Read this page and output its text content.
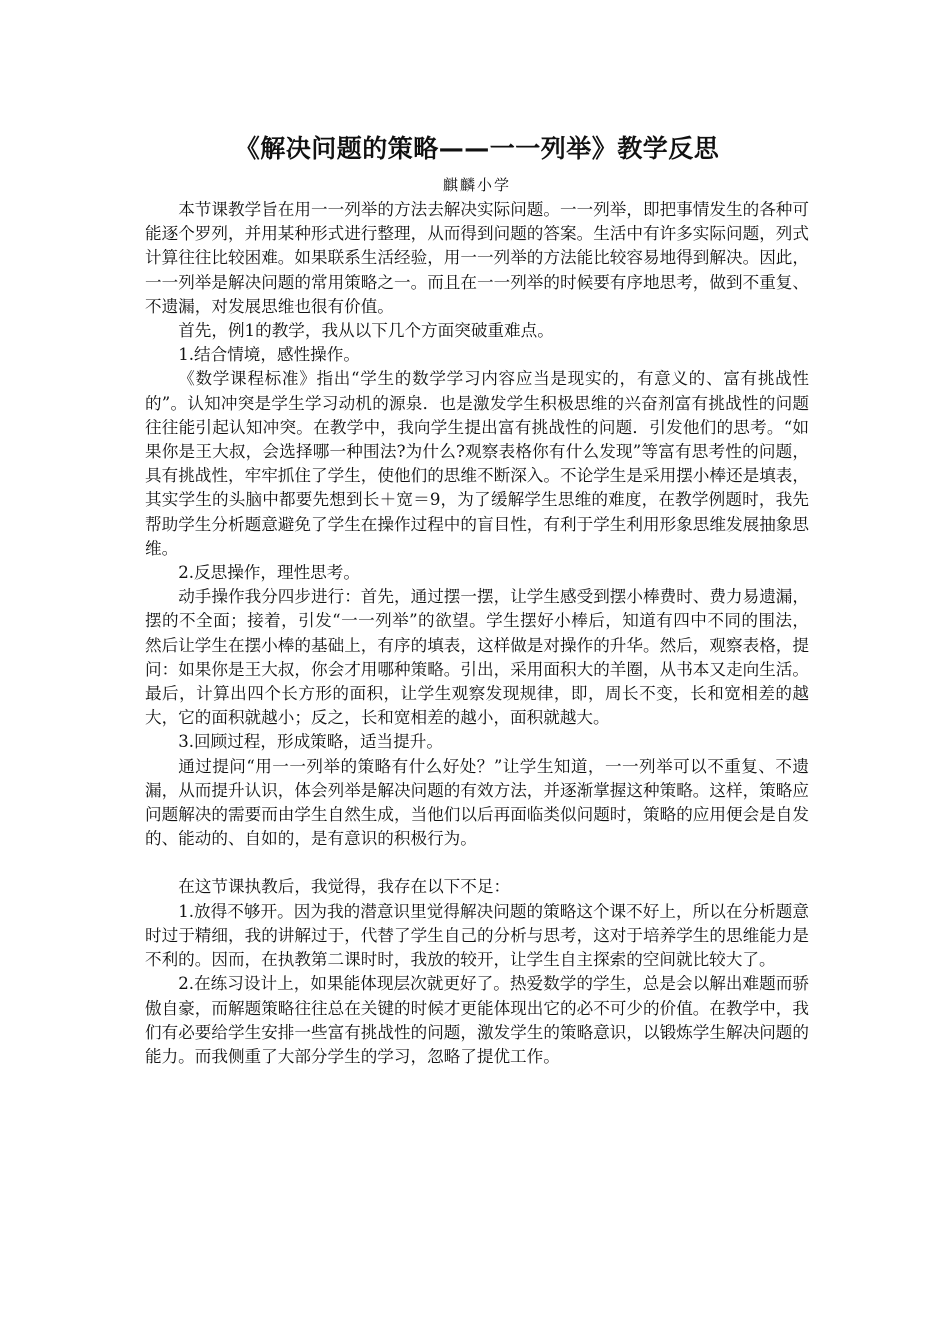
《解决问题的策略——一一列举》教学反思
麒麟小学

本节课教学旨在用一一列举的方法去解决实际问题。一一列举，即把事情发生的各种可能逐个罗列，并用某种形式进行整理，从而得到问题的答案。生活中有许多实际问题，列式计算往往比较困难。如果联系生活经验，用一一列举的方法能比较容易地得到解决。因此，一一列举是解决问题的常用策略之一。而且在一一列举的时候要有序地思考，做到不重复、不遗漏，对发展思维也很有价值。

首先，例1的教学，我从以下几个方面突破重难点。

1.结合情境，感性操作。

《数学课程标准》指出“学生的数学学习内容应当是现实的，有意义的、富有挑战性的”。认知冲突是学生学习动机的源泉．也是激发学生积极思维的兴奋剂富有挑战性的问题往往能引起认知冲突。在教学中，我向学生提出富有挑战性的问题．引发他们的思考。“如果你是王大叔，会选择哪一种围法?为什么?观察表格你有什么发现”等富有思考性的问题，具有挑战性，牢牢抓住了学生，使他们的思维不断深入。不论学生是采用摆小棒还是填表，其实学生的头脑中都要先想到长＋宽＝9，为了缓解学生思维的难度，在教学例题时，我先帮助学生分析题意避免了学生在操作过程中的盲目性，有利于学生利用形象思维发展抽象思维。

2.反思操作，理性思考。

动手操作我分四步进行：首先，通过摆一摆，让学生感受到摆小棒费时、费力易遗漏，摆的不全面；接着，引发“一一列举”的欲望。学生摆好小棒后，知道有四中不同的围法，然后让学生在摆小棒的基础上，有序的填表，这样做是对操作的升华。然后，观察表格，提问：如果你是王大叔，你会才用哪种策略。引出，采用面积大的羊圈，从书本又走向生活。最后，计算出四个长方形的面积，让学生观察发现规律，即，周长不变，长和宽相差的越大，它的面积就越小；反之，长和宽相差的越小，面积就越大。

3.回顾过程，形成策略，适当提升。

通过提问“用一一列举的策略有什么好处？”让学生知道，一一列举可以不重复、不遗漏，从而提升认识，体会列举是解决问题的有效方法，并逐渐掌握这种策略。这样，策略应问题解决的需要而由学生自然生成，当他们以后再面临类似问题时，策略的应用便会是自发的、能动的、自如的，是有意识的积极行为。

在这节课执教后，我觉得，我存在以下不足：

1.放得不够开。因为我的潜意识里觉得解决问题的策略这个课不好上，所以在分析题意时过于精细，我的讲解过于，代替了学生自己的分析与思考，这对于培养学生的思维能力是不利的。因而，在执教第二课时时，我放的较开，让学生自主探索的空间就比较大了。

2.在练习设计上，如果能体现层次就更好了。热爱数学的学生，总是会以解出难题而骄傲自豪，而解题策略往往总在关键的时候才更能体现出它的必不可少的价值。在教学中，我们有必要给学生安排一些富有挑战性的问题，激发学生的策略意识，以锻炼学生解决问题的能力。而我侧重了大部分学生的学习，忽略了提优工作。
